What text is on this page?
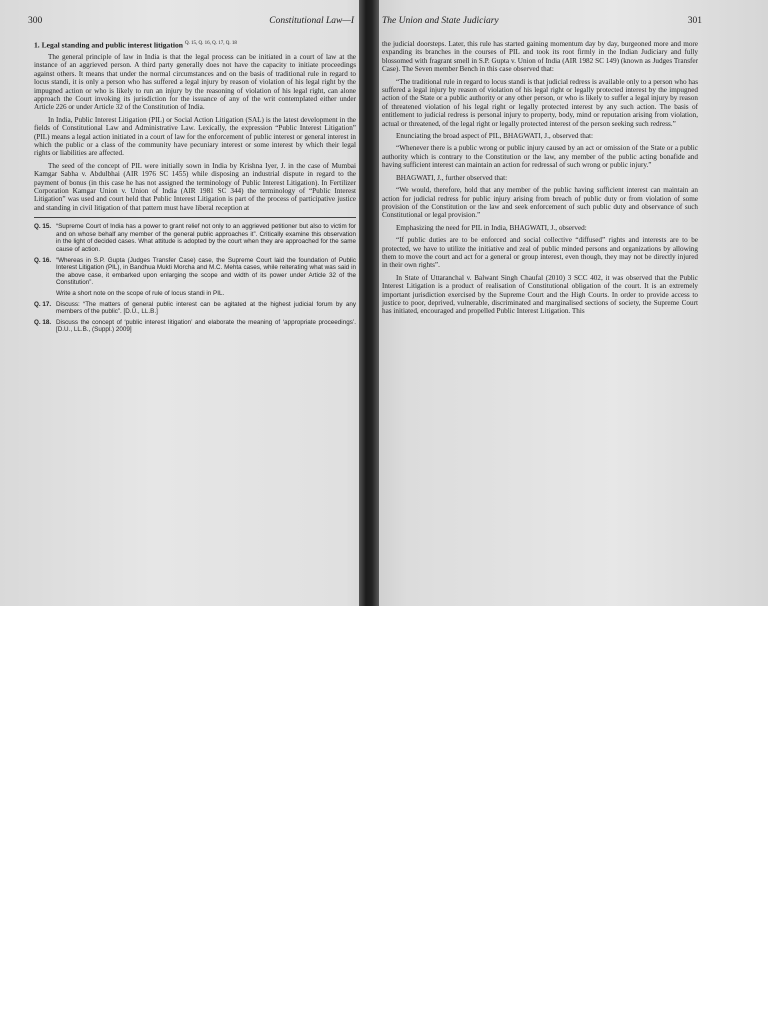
300	Constitutional Law—I
1. Legal standing and public interest litigation $^{Q. 15, Q. 16, Q. 17, Q. 18}$

The general principle of law in India is that the legal process can be initiated in a court of law at the instance of an aggrieved person. A third party generally does not have the capacity to initiate proceedings against others. It means that under the normal circumstances and on the basis of traditional rule in regard to locus standi, it is only a person who has suffered a legal injury by reason of violation of his legal right by the impugned action or who is likely to run an injury by the reasoning of violation of his legal right, can alone approach the Court invoking its jurisdiction for the issuance of any of the writ contemplated either under Article 226 or under Article 32 of the Constitution of India.

In India, Public Interest Litigation (PIL) or Social Action Litigation (SAL) is the latest development in the fields of Constitutional Law and Administrative Law. Lexically, the expression “Public Interest Litigation” (PIL) means a legal action initiated in a court of law for the enforcement of public interest or general interest in which the public or a class of the community have pecuniary interest or some interest by which their legal rights or liabilities are affected.

The seed of the concept of PIL were initially sown in India by Krishna Iyer, J. in the case of Mumbai Kamgar Sabha v. Abdulbhai (AIR 1976 SC 1455) while disposing an industrial dispute in regard to the payment of bonus (in this case he has not assigned the terminology of Public Interest Litigation). In Fertilizer Corporation Kamgar Union v. Union of India (AIR 1981 SC 344) the terminology of “Public Interest Litigation” was used and court held that Public Interest Litigation is part of the process of participative justice and standing in civil litigation of that pattern must have liberal reception at

Q. 15. “Supreme Court of India has a power to grant relief not only to an aggrieved petitioner but also to victim for and on whose behalf any member of the general public approaches it”. Critically examine this observation in the light of decided cases. What attitude is adopted by the court when they are approached for the same cause of action.
Q. 16. “Whereas in S.P. Gupta (Judges Transfer Case) case, the Supreme Court laid the foundation of Public Interest Litigation (PIL), in Bandhua Mukti Morcha and M.C. Mehta cases, while reiterating what was said in the above case, it embarked upon enlarging the scope and width of its power under Article 32 of the Constitution”.
Write a short note on the scope of rule of locus standi in PIL.
Q. 17. Discuss: “The matters of general public interest can be agitated at the highest judicial forum by any members of the public”. [D.U., LL.B.]
Q. 18. Discuss the concept of ‘public interest litigation’ and elaborate the meaning of ‘appropriate proceedings’. [D.U., LL.B., (Suppl.) 2009]
The Union and State Judiciary	301

the judicial doorsteps. Later, this rule has started gaining momentum day by day, burgeoned more and more expanding its branches in the courses of PIL and took its root firmly in the Indian Judiciary and fully blossomed with fragrant smell in S.P. Gupta v. Union of India (AIR 1982 SC 149) (known as Judges Transfer Case). The Seven member Bench in this case observed that:

“The traditional rule in regard to locus standi is that judicial redress is available only to a person who has suffered a legal injury by reason of violation of his legal right or legally protected interest by the impugned action of the State or a public authority or any other person, or who is likely to suffer a legal injury by reason of threatened violation of his legal right or legally protected interest by any such action. The basis of entitlement to judicial redress is personal injury to property, body, mind or reputation arising from violation, actual or threatened, of the legal right or legally protected interest of the person seeking such redress.”

Enunciating the broad aspect of PIL, BHAGWATI, J., observed that:

“Whenever there is a public wrong or public injury caused by an act or omission of the State or a public authority which is contrary to the Constitution or the law, any member of the public acting bonafide and having sufficient interest can maintain an action for redressal of such wrong or public injury.”

BHAGWATI, J., further observed that:

“We would, therefore, hold that any member of the public having sufficient interest can maintain an action for judicial redress for public injury arising from breach of public duty or from violation of some provision of the Constitution or the law and seek enforcement of such public duty and observance of such Constitutional or legal provision.”

Emphasizing the need for PIL in India, BHAGWATI, J., observed:

“If public duties are to be enforced and social collective “diffused” rights and interests are to be protected, we have to utilize the initiative and zeal of public minded persons and organizations by allowing them to move the court and act for a general or group interest, even though, they may not be directly injured in their own rights”.

In State of Uttaranchal v. Balwant Singh Chaufal (2010) 3 SCC 402, it was observed that the Public Interest Litigation is a product of realisation of Constitutional obligation of the court. It is an extremely important jurisdiction exercised by the Supreme Court and the High Courts. In order to provide access to justice to poor, deprived, vulnerable, discriminated and marginalised sections of society, the Supreme Court has initiated, encouraged and propelled Public Interest Litigation. This
